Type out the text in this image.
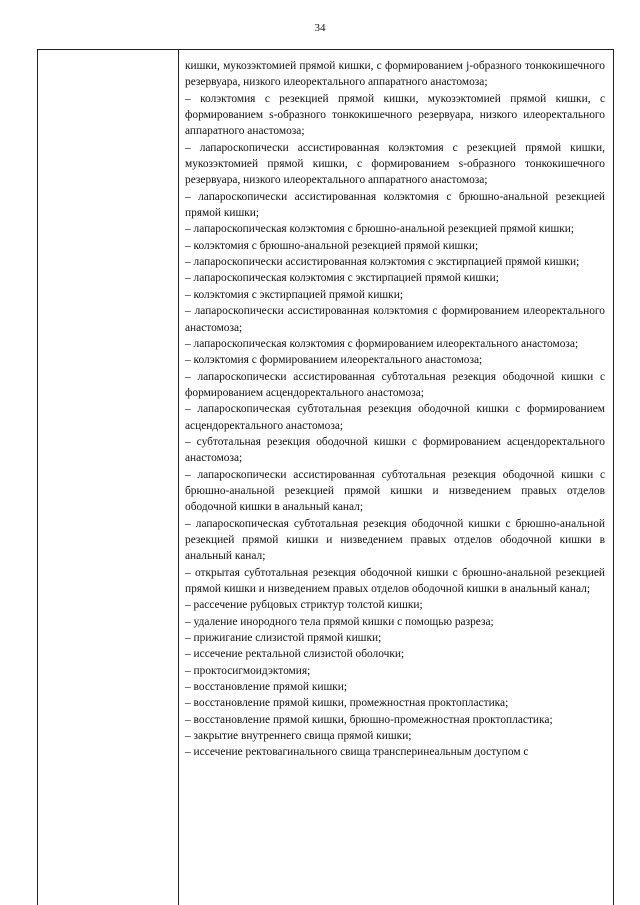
34

кишки, мукозэктомией прямой кишки, с формированием j-образного тонкокишечного резервуара, низкого илеоректального аппаратного анастомоза;

– колэктомия с резекцией прямой кишки, мукозэктомией прямой кишки, с формированием s-образного тонкокишечного резервуара, низкого илеоректального аппаратного анастомоза;

– лапароскопически ассистированная колэктомия с резекцией прямой кишки, мукозэктомией прямой кишки, с формированием s-образного тонкокишечного резервуара, низкого илеоректального аппаратного анастомоза;

– лапароскопически ассистированная колэктомия с брюшно-анальной резекцией прямой кишки;

– лапароскопическая колэктомия с брюшно-анальной резекцией прямой кишки;

– колэктомия с брюшно-анальной резекцией прямой кишки;

– лапароскопически ассистированная колэктомия с экстирпацией прямой кишки;

– лапароскопическая колэктомия с экстирпацией прямой кишки;

– колэктомия с экстирпацией прямой кишки;

– лапароскопически ассистированная колэктомия с формированием илеоректального анастомоза;

– лапароскопическая колэктомия с формированием илеоректального анастомоза;

– колэктомия с формированием илеоректального анастомоза;

– лапароскопически ассистированная субтотальная резекция ободочной кишки с формированием асцендоректального анастомоза;

– лапароскопическая субтотальная резекция ободочной кишки с формированием асцендоректального анастомоза;

– субтотальная резекция ободочной кишки с формированием асцендоректального анастомоза;

– лапароскопически ассистированная субтотальная резекция ободочной кишки с брюшно-анальной резекцией прямой кишки и низведением правых отделов ободочной кишки в анальный канал;

– лапароскопическая субтотальная резекция ободочной кишки с брюшно-анальной резекцией прямой кишки и низведением правых отделов ободочной кишки в анальный канал;

– открытая субтотальная резекция ободочной кишки с брюшно-анальной резекцией прямой кишки и низведением правых отделов ободочной кишки в анальный канал;

– рассечение рубцовых стриктур толстой кишки;

– удаление инородного тела прямой кишки с помощью разреза;

– прижигание слизистой прямой кишки;

– иссечение ректальной слизистой оболочки;

– проктосигмоидэктомия;

– восстановление прямой кишки;

– восстановление прямой кишки, промежностная проктопластика;

– восстановление прямой кишки, брюшно-промежностная проктопластика;

– закрытие внутреннего свища прямой кишки;

– иссечение ректовагинального свища трансперинеальным доступом с
